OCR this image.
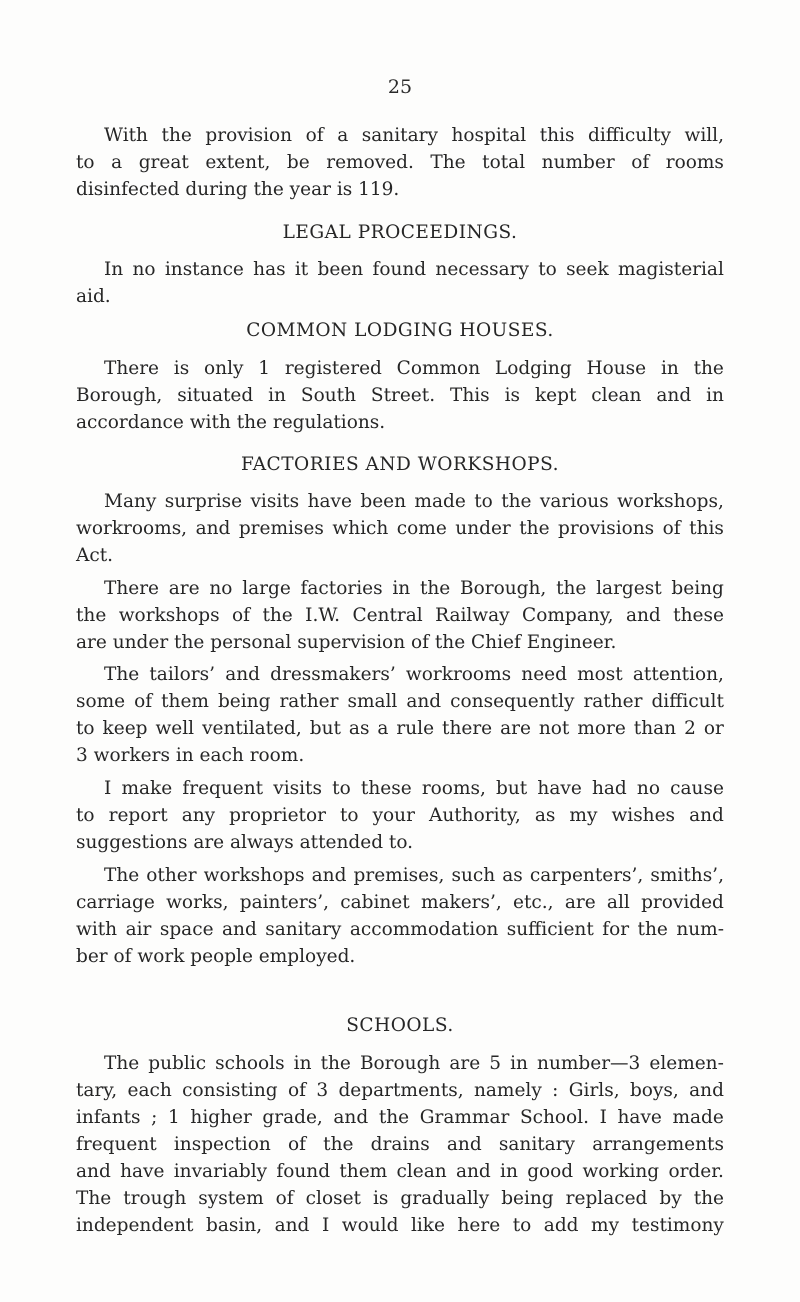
25
With the provision of a sanitary hospital this difficulty will,
to a great extent, be removed. The total number of rooms
disinfected during the year is 119.
LEGAL PROCEEDINGS.
In no instance has it been found necessary to seek magisterial
aid.
COMMON LODGING HOUSES.
There is only 1 registered Common Lodging House in the
Borough, situated in South Street. This is kept clean and in
accordance with the regulations.
FACTORIES AND WORKSHOPS.
Many surprise visits have been made to the various workshops,
workrooms, and premises which come under the provisions of this
Act.
There are no large factories in the Borough, the largest being
the workshops of the I.W. Central Railway Company, and these
are under the personal supervision of the Chief Engineer.
The tailors’ and dressmakers’ workrooms need most attention,
some of them being rather small and consequently rather difficult
to keep well ventilated, but as a rule there are not more than 2 or
3 workers in each room.
I make frequent visits to these rooms, but have had no cause
to report any proprietor to your Authority, as my wishes and
suggestions are always attended to.
The other workshops and premises, such as carpenters’, smiths’,
carriage works, painters’, cabinet makers’, etc., are all provided
with air space and sanitary accommodation sufficient for the num-
ber of work people employed.
SCHOOLS.
The public schools in the Borough are 5 in number—3 elemen-
tary, each consisting of 3 departments, namely : Girls, boys, and
infants ; 1 higher grade, and the Grammar School. I have made
frequent inspection of the drains and sanitary arrangements
and have invariably found them clean and in good working order.
The trough system of closet is gradually being replaced by the
independent basin, and I would like here to add my testimony
